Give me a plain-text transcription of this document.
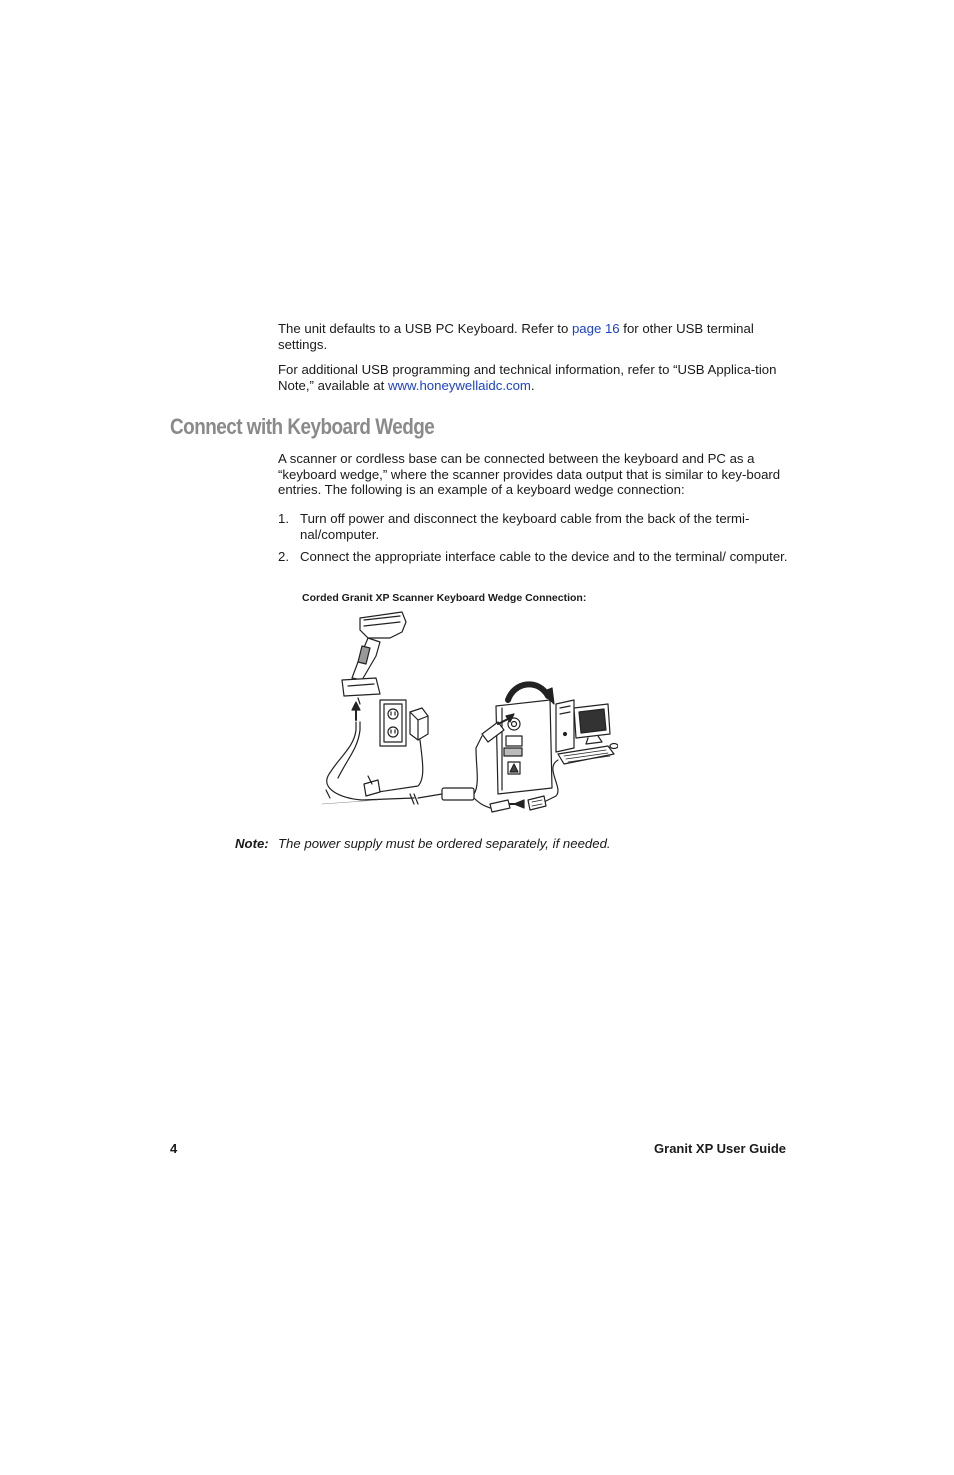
The unit defaults to a USB PC Keyboard. Refer to page 16 for other USB terminal settings.

For additional USB programming and technical information, refer to “USB Applica-tion Note,” available at www.honeywellaidc.com.

Connect with Keyboard Wedge

A scanner or cordless base can be connected between the keyboard and PC as a “keyboard wedge,” where the scanner provides data output that is similar to key-board entries. The following is an example of a keyboard wedge connection:

1. Turn off power and disconnect the keyboard cable from the back of the termi-nal/computer.
2. Connect the appropriate interface cable to the device and to the terminal/ computer.

Corded Granit XP Scanner Keyboard Wedge Connection:

Note: The power supply must be ordered separately, if needed.

4	Granit XP User Guide
